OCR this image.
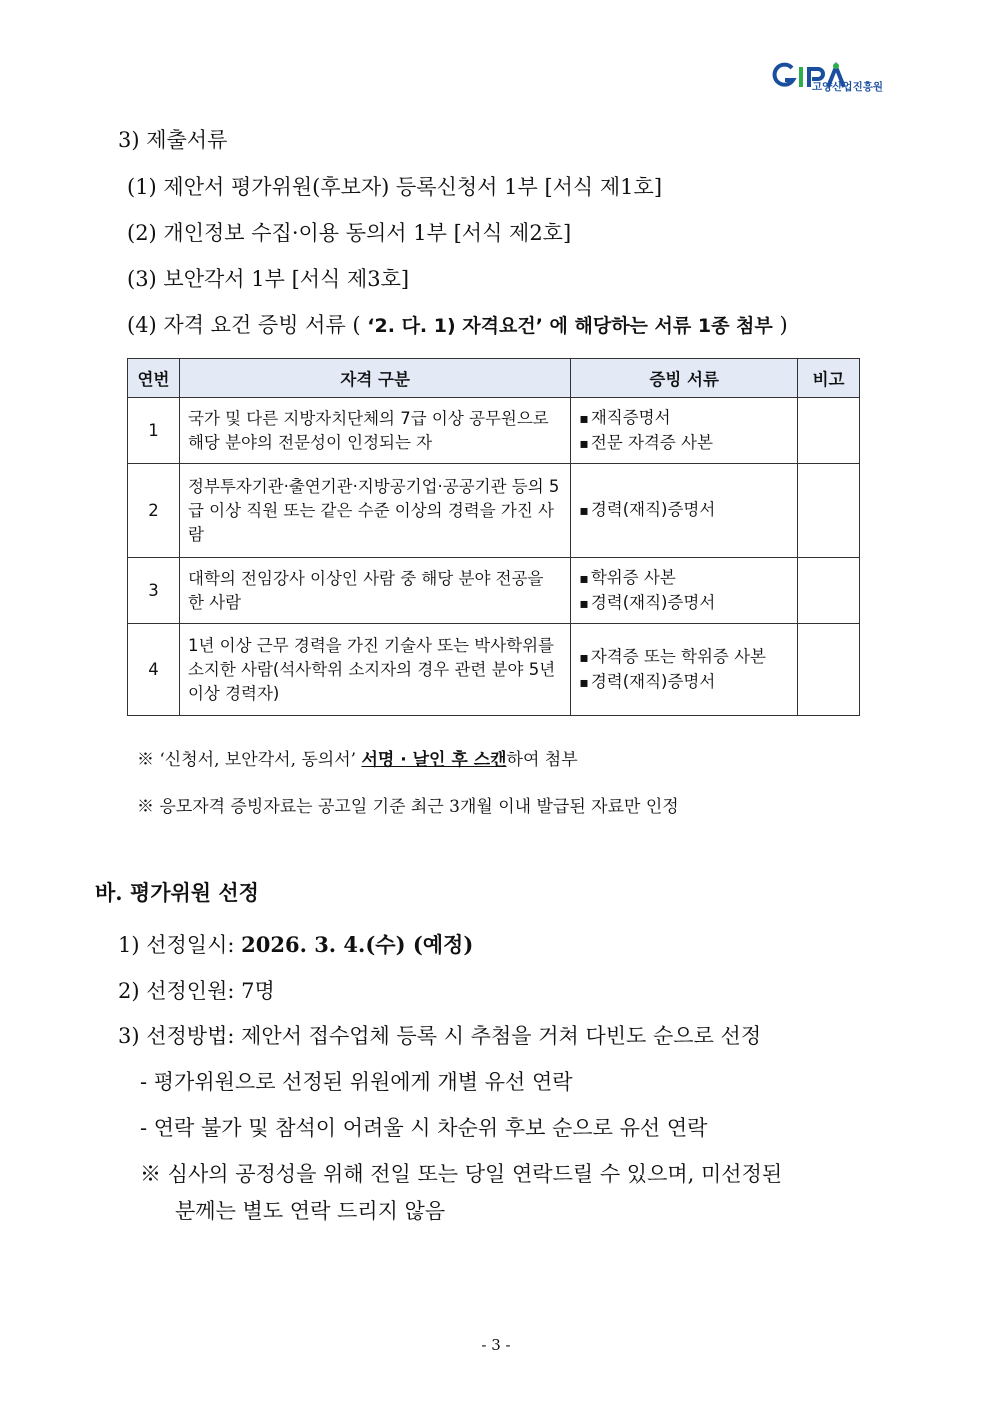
고양산업진흥원
3) 제출서류
(1) 제안서 평가위원(후보자) 등록신청서 1부 [서식 제1호]
(2) 개인정보 수집·이용 동의서 1부 [서식 제2호]
(3) 보안각서 1부 [서식 제3호]
(4) 자격 요건 증빙 서류 ( ‘2. 다. 1) 자격요건’ 에 해당하는 서류 1종 첨부 )
연번	자격 구분	증빙 서류	비고
1	국가 및 다른 지방자치단체의 7급 이상 공무원으로 해당 분야의 전문성이 인정되는 자	▪ 재직증명서
▪ 전문 자격증 사본

2	정부투자기관·출연기관·지방공기업·공공기관 등의 5급 이상 직원 또는 같은 수준 이상의 경력을 가진 사람	▪ 경력(재직)증명서

3	대학의 전임강사 이상인 사람 중 해당 분야 전공을 한 사람	▪ 학위증 사본
▪ 경력(재직)증명서

4	1년 이상 근무 경력을 가진 기술사 또는 박사학위를 소지한 사람(석사학위 소지자의 경우 관련 분야 5년 이상 경력자)	▪ 자격증 또는 학위증 사본
▪ 경력(재직)증명서

※ ‘신청서, 보안각서, 동의서’ 서명 · 날인 후 스캔하여 첨부
※ 응모자격 증빙자료는 공고일 기준 최근 3개월 이내 발급된 자료만 인정
바. 평가위원 선정
1) 선정일시: 2026. 3. 4.(수) (예정)
2) 선정인원: 7명
3) 선정방법: 제안서 접수업체 등록 시 추첨을 거쳐 다빈도 순으로 선정
- 평가위원으로 선정된 위원에게 개별 유선 연락
- 연락 불가 및 참석이 어려울 시 차순위 후보 순으로 유선 연락
※ 심사의 공정성을 위해 전일 또는 당일 연락드릴 수 있으며, 미선정된
분께는 별도 연락 드리지 않음
- 3 -
